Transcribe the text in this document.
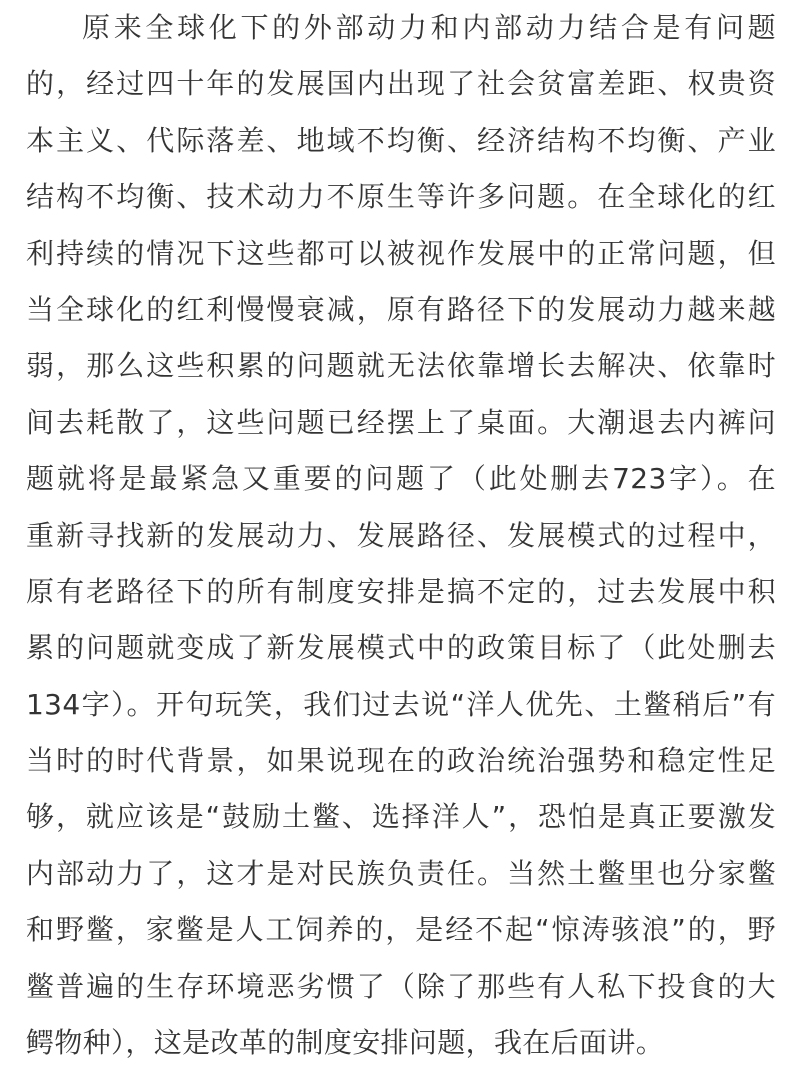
原来全球化下的外部动力和内部动力结合是有问题
的，经过四十年的发展国内出现了社会贫富差距、权贵资
本主义、代际落差、地域不均衡、经济结构不均衡、产业
结构不均衡、技术动力不原生等许多问题。在全球化的红
利持续的情况下这些都可以被视作发展中的正常问题，但
当全球化的红利慢慢衰减，原有路径下的发展动力越来越
弱，那么这些积累的问题就无法依靠增长去解决、依靠时
间去耗散了，这些问题已经摆上了桌面。大潮退去内裤问
题就将是最紧急又重要的问题了（此处删去723字）。在
重新寻找新的发展动力、发展路径、发展模式的过程中，
原有老路径下的所有制度安排是搞不定的，过去发展中积
累的问题就变成了新发展模式中的政策目标了（此处删去
134字）。开句玩笑，我们过去说“洋人优先、土鳖稍后”有
当时的时代背景，如果说现在的政治统治强势和稳定性足
够，就应该是“鼓励土鳖、选择洋人”，恐怕是真正要激发
内部动力了，这才是对民族负责任。当然土鳖里也分家鳖
和野鳖，家鳖是人工饲养的，是经不起“惊涛骇浪”的，野
鳖普遍的生存环境恶劣惯了（除了那些有人私下投食的大
鳄物种），这是改革的制度安排问题，我在后面讲。
